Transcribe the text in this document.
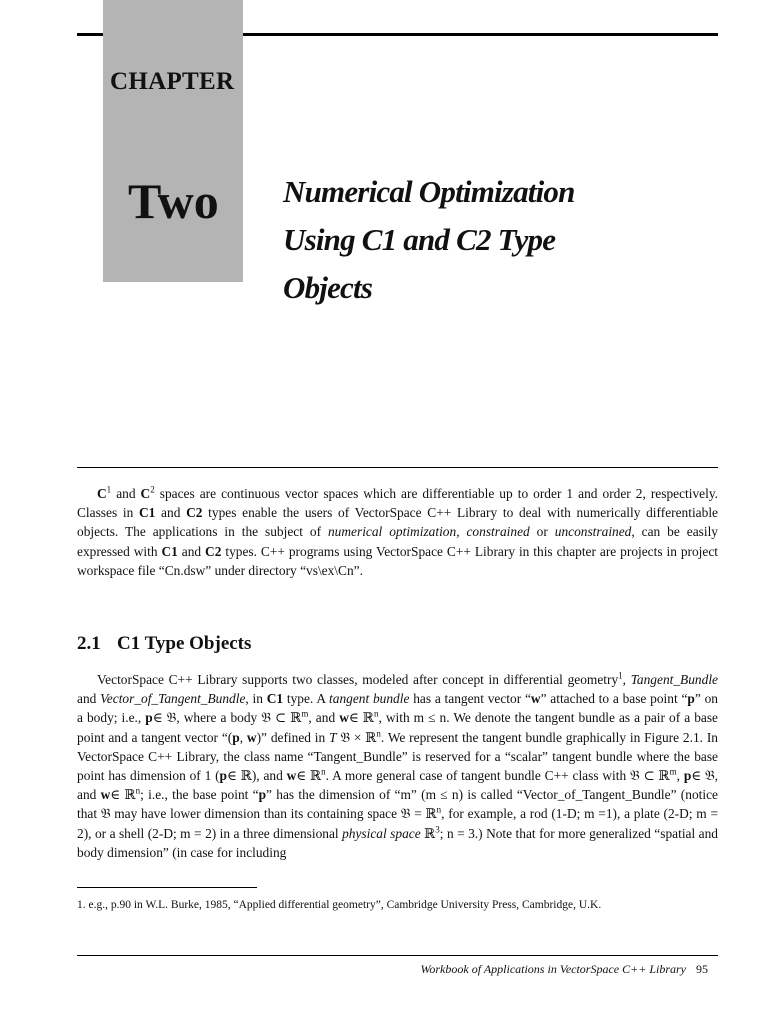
CHAPTER
Two Numerical Optimization
Using C1 and C2 Type
Objects

$C^1$ and $C^2$ spaces are continuous vector spaces which are differentiable up to order 1 and order 2, respectively. Classes in C1 and C2 types enable the users of VectorSpace C++ Library to deal with numerically differentiable objects. The applications in the subject of numerical optimization, constrained or unconstrained, can be easily expressed with C1 and C2 types. C++ programs using VectorSpace C++ Library in this chapter are projects in project workspace file “Cn.dsw” under directory “vs\ex\Cn”.

2.1 C1 Type Objects

VectorSpace C++ Library supports two classes, modeled after concept in differential geometry$^1$, Tangent_Bundle and Vector_of_Tangent_Bundle, in C1 type. A tangent bundle has a tangent vector “w” attached to a base point “p” on a body; i.e., p∈ 𝔅, where a body 𝔅 ⊂ ℝ$^m$, and w∈ ℝ$^n$, with m ≤ n. We denote the tangent bundle as a pair of a base point and a tangent vector “(p, w)” defined in T 𝔅 × ℝ$^n$. We represent the tangent bundle graphically in Figure 2.1. In VectorSpace C++ Library, the class name “Tangent_Bundle” is reserved for a “scalar” tangent bundle where the base point has dimension of 1 (p∈ ℝ), and w∈ ℝ$^n$. A more general case of tangent bundle C++ class with 𝔅 ⊂ ℝ$^m$, p∈ 𝔅, and w∈ ℝ$^n$; i.e., the base point “p” has the dimension of “m” (m ≤ n) is called “Vector_of_Tangent_Bundle” (notice that 𝔅 may have lower dimension than its containing space 𝔅 = ℝ$^n$, for example, a rod (1-D; m =1), a plate (2-D; m = 2), or a shell (2-D; m = 2) in a three dimensional physical space ℝ$^3$; n = 3.) Note that for more generalized “spatial and body dimension” (in case for including

1. e.g., p.90 in W.L. Burke, 1985, “Applied differential geometry”, Cambridge University Press, Cambridge, U.K.
Workbook of Applications in VectorSpace C++ Library 95
